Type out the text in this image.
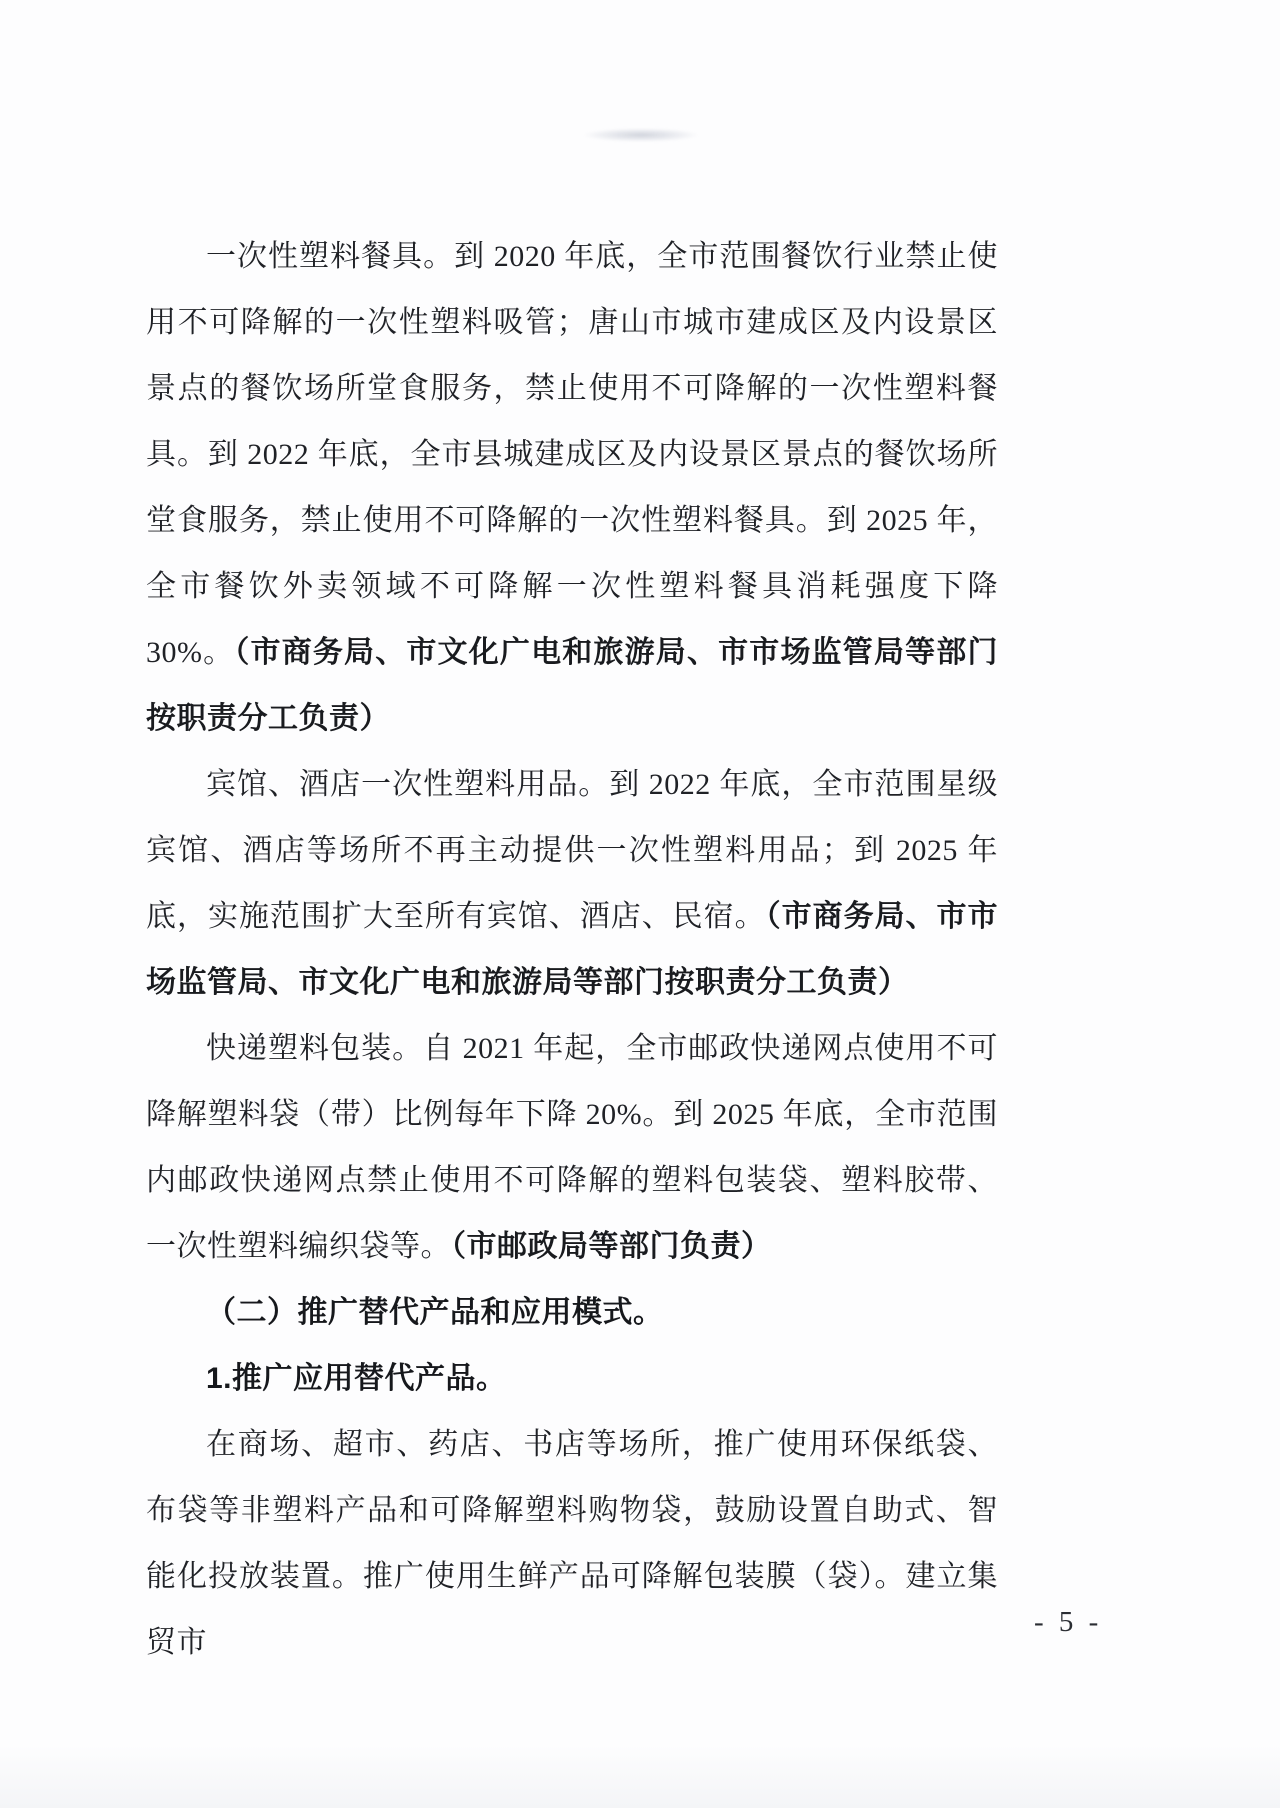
一次性塑料餐具。到 2020 年底，全市范围餐饮行业禁止使用不可降解的一次性塑料吸管；唐山市城市建成区及内设景区景点的餐饮场所堂食服务，禁止使用不可降解的一次性塑料餐具。到 2022 年底，全市县城建成区及内设景区景点的餐饮场所堂食服务，禁止使用不可降解的一次性塑料餐具。到 2025 年，全市餐饮外卖领域不可降解一次性塑料餐具消耗强度下降 30%。（市商务局、市文化广电和旅游局、市市场监管局等部门按职责分工负责）

宾馆、酒店一次性塑料用品。到 2022 年底，全市范围星级宾馆、酒店等场所不再主动提供一次性塑料用品；到 2025 年底，实施范围扩大至所有宾馆、酒店、民宿。（市商务局、市市场监管局、市文化广电和旅游局等部门按职责分工负责）

快递塑料包装。自 2021 年起，全市邮政快递网点使用不可降解塑料袋（带）比例每年下降 20%。到 2025 年底，全市范围内邮政快递网点禁止使用不可降解的塑料包装袋、塑料胶带、一次性塑料编织袋等。（市邮政局等部门负责）

（二）推广替代产品和应用模式。

1.推广应用替代产品。

在商场、超市、药店、书店等场所，推广使用环保纸袋、布袋等非塑料产品和可降解塑料购物袋，鼓励设置自助式、智能化投放装置。推广使用生鲜产品可降解包装膜（袋）。建立集贸市

- 5 -
